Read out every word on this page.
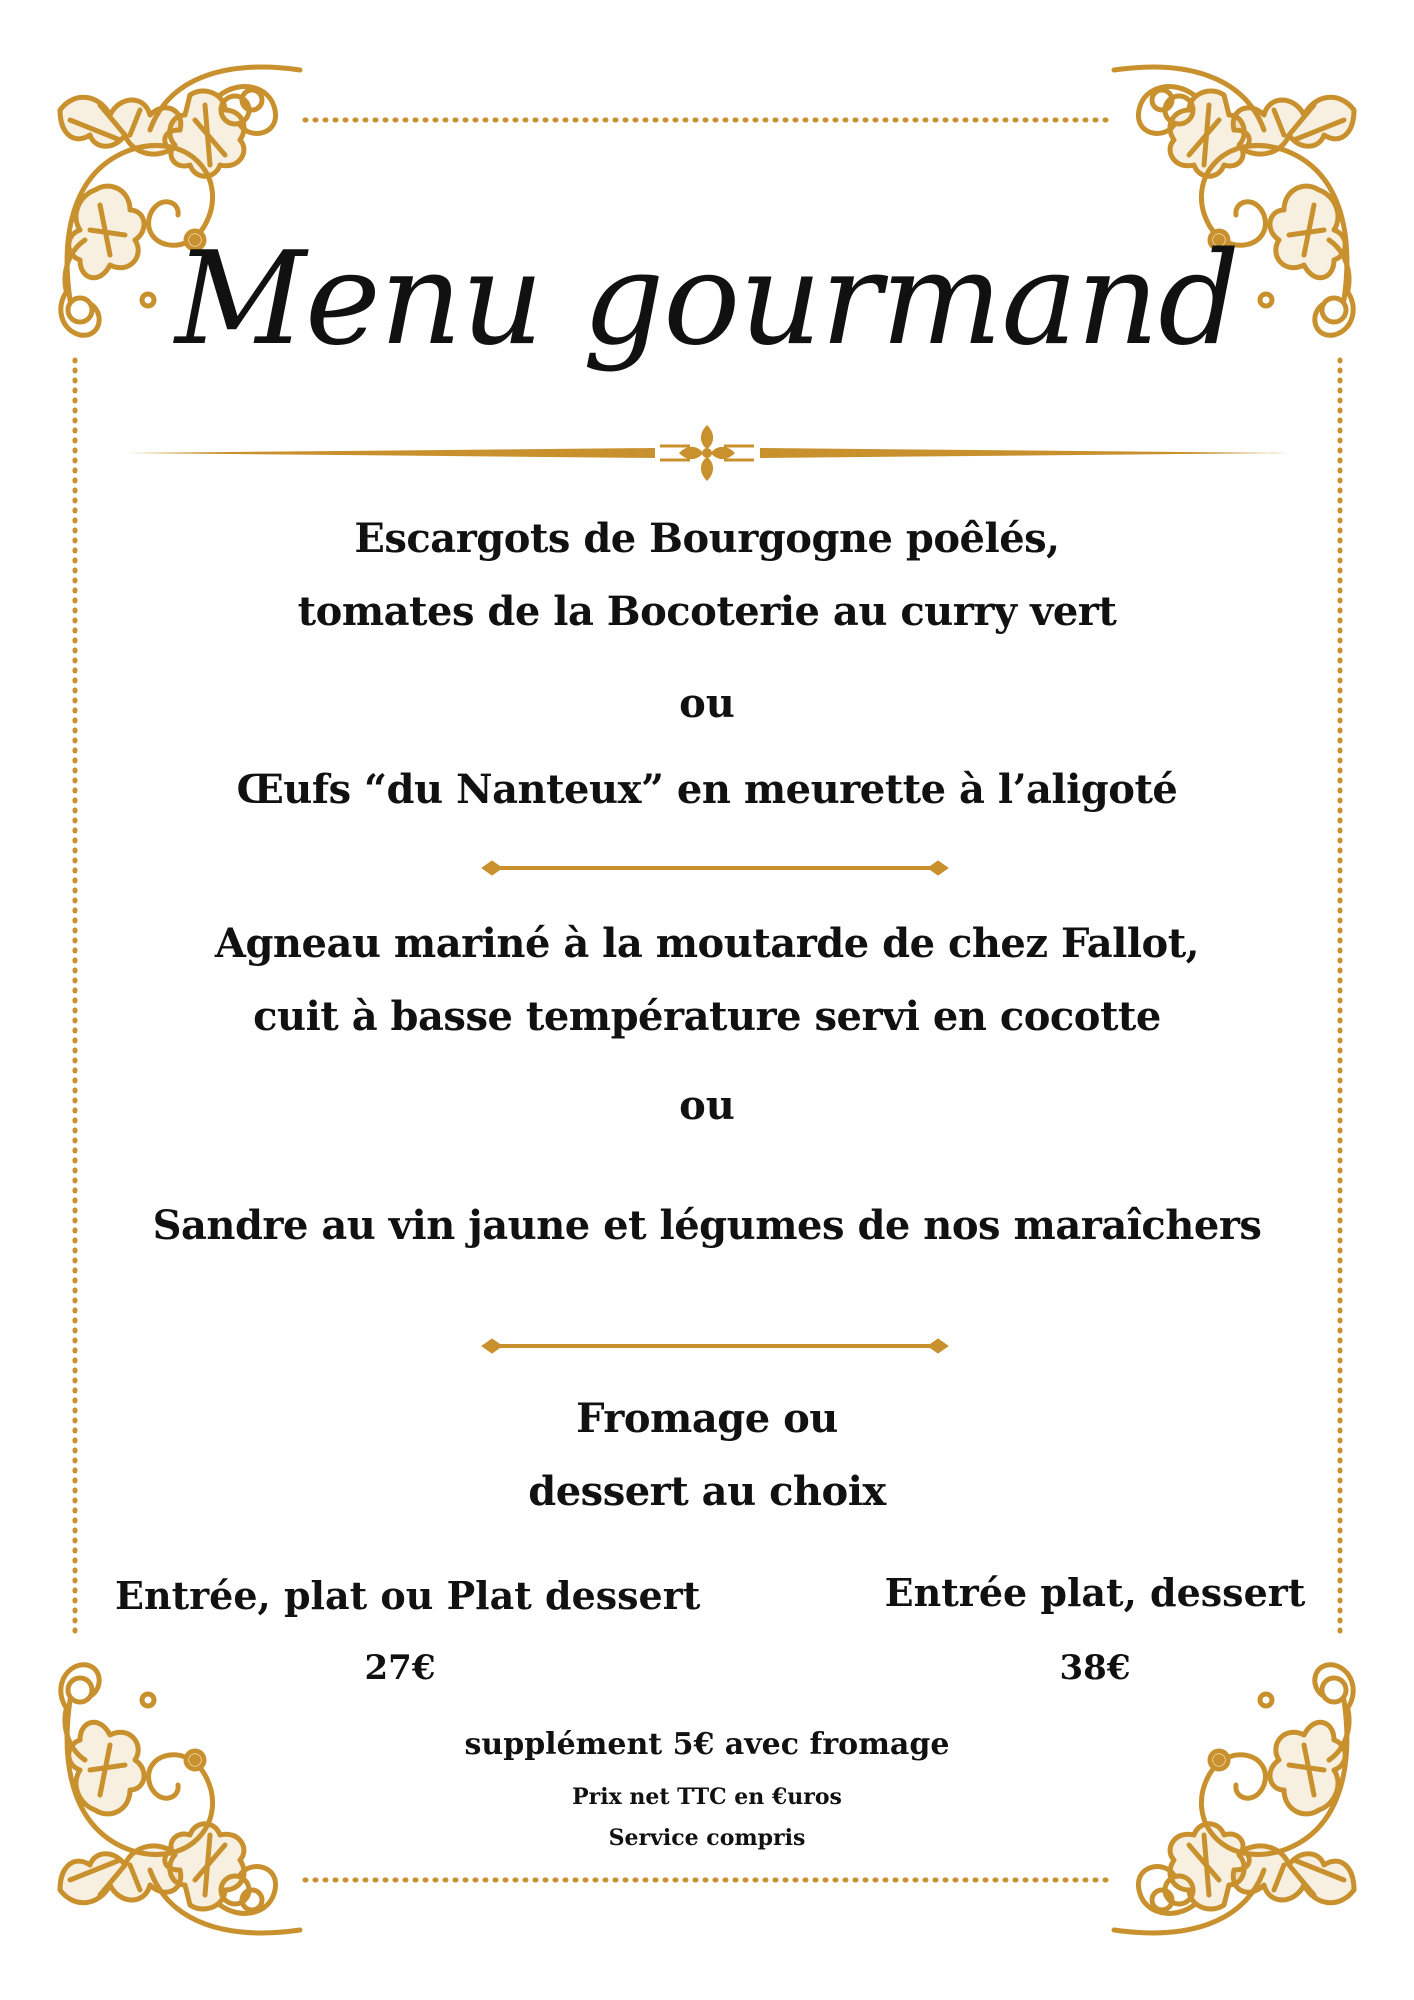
Menu gourmand
Escargots de Bourgogne poêlés,
tomates de la Bocoterie au curry vert
ou
Œufs “du Nanteux” en meurette à l’aligoté
Agneau mariné à la moutarde de chez Fallot,
cuit à basse température servi en cocotte
ou
Sandre au vin jaune et légumes de nos maraîchers
Fromage ou
dessert au choix
Entrée, plat ou Plat dessert
27€
Entrée plat, dessert
38€
supplément 5€ avec fromage
Prix net TTC en €uros
Service compris
